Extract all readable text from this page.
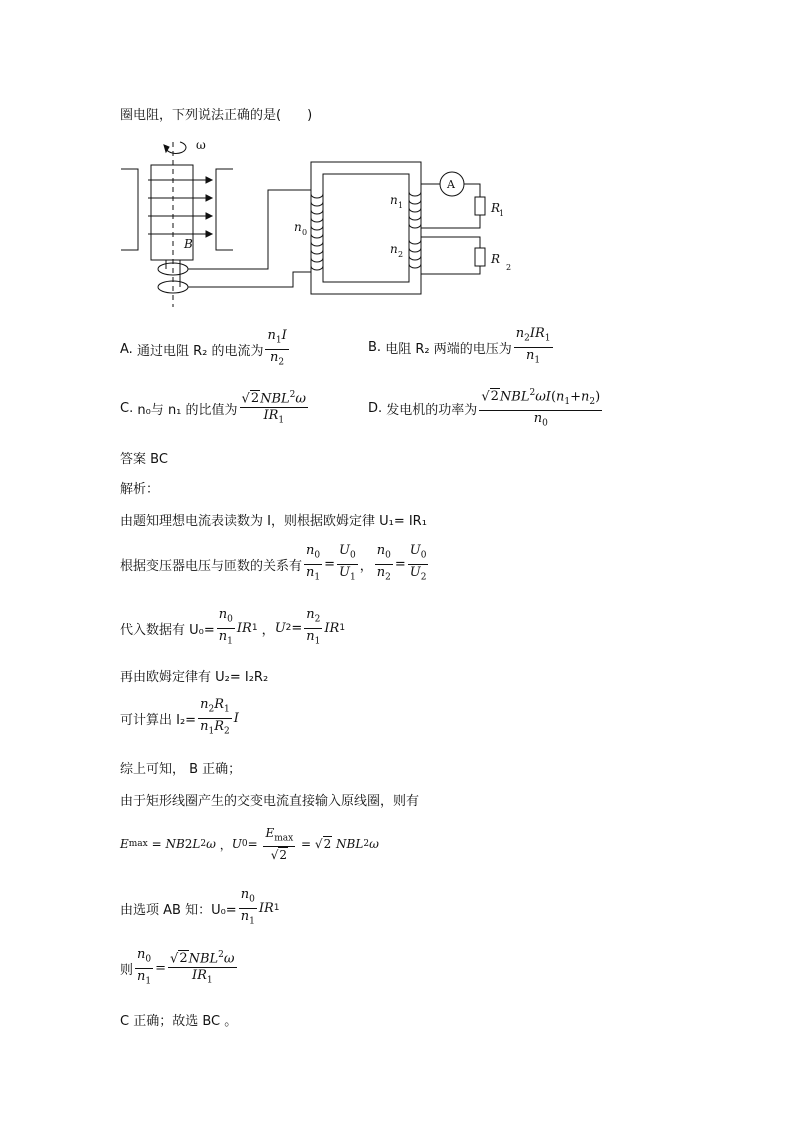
圈电阻，下列说法正确的是(　　)
ω
B
n 0
n 1
n 2
A
R
1
R
2
A.
通过电阻 R₂ 的电流为 $\frac{n_1I}{n_2}$	B.
电阻 R₂ 两端的电压为 $\frac{n_2IR_1}{n_1}$
C.
n₀与 n₁ 的比值为 $\frac{√2NBL^2\omega}{IR_1}$	D.
发电机的功率为 $\frac{√2NBL^2\omega I(n_1+n_2)}{n_0}$
答案 BC
解析：
由题知理想电流表读数为 I，则根据欧姆定律 U₁= IR₁
根据变压器电压与匝数的关系有 $\frac{n_0}{n_1} = \frac{U_0}{U_1}$ ， $\frac{n_0}{n_2} = \frac{U_0}{U_2}$
代入数据有 $U_0= \frac{n_0}{n_1}$ IR 1 ， U $2 = \frac{n_2}{n_1}$ IR 1
再由欧姆定律有 U₂= I₂R₂
可计算出 $I_2= \frac{n_2R_1}{n_1R_2}$ I
综上可知， B 正确；
由于矩形线圈产生的交变电流直接输入原线圈，则有
E max = NB 2 L 2 ω ， U $0 = \frac{E_{max}}{√2}$ = √ 2
NBL 2 ω
由选项 AB 知：$U_0= \frac{n_0}{n_1}$ IR 1
则 $\frac{n_0}{n_1} = \frac{√2NBL^2\omega}{IR_1}$
C 正确；故选 BC 。
